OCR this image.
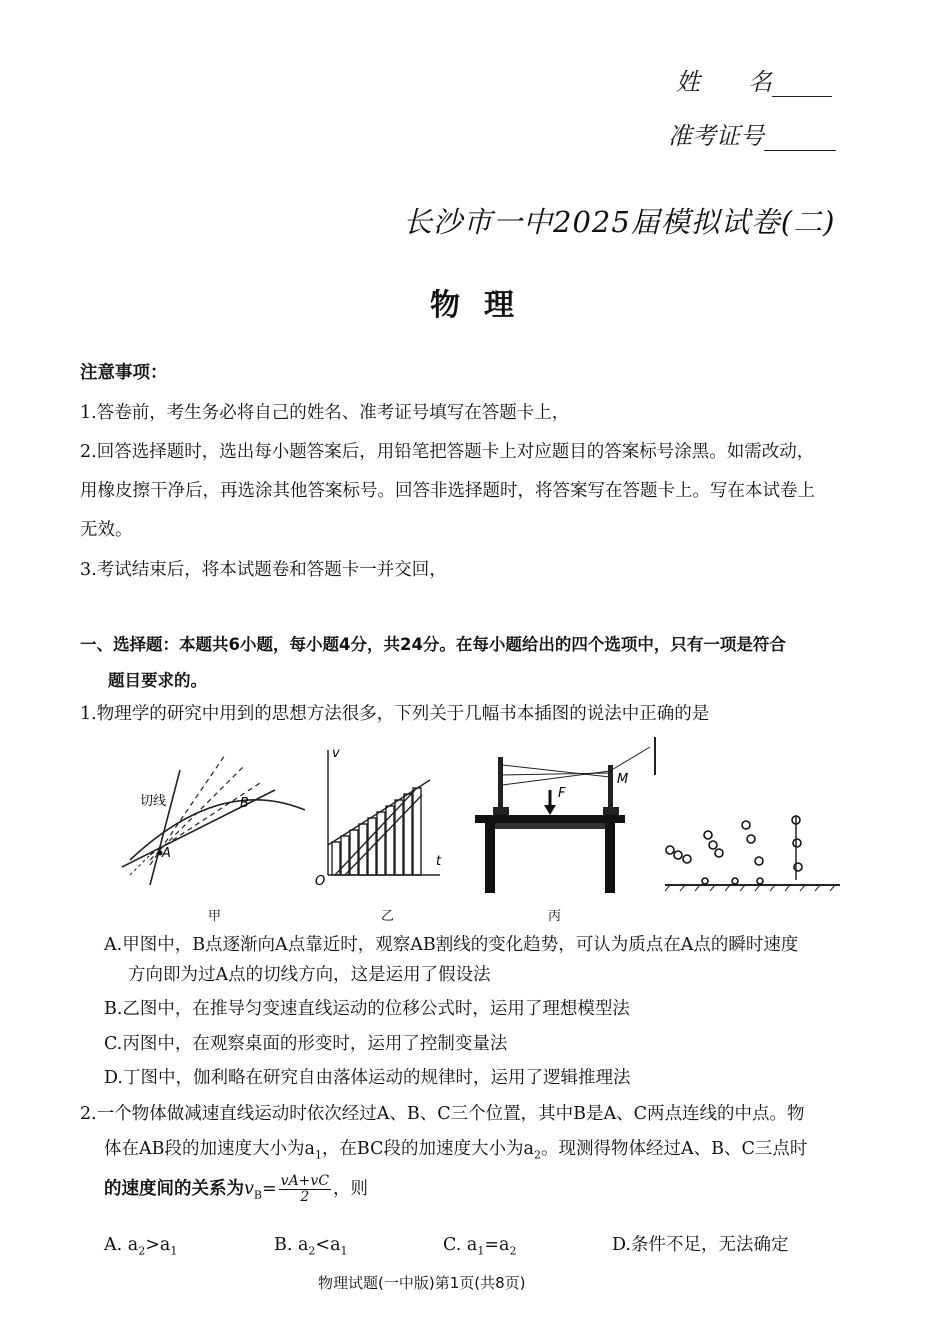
姓　　名
准考证号
长沙市一中2025届模拟试卷(二)
物理
注意事项：
1.答卷前，考生务必将自己的姓名、准考证号填写在答题卡上，
2.回答选择题时，选出每小题答案后，用铅笔把答题卡上对应题目的答案标号涂黑。如需改动，
用橡皮擦干净后，再选涂其他答案标号。回答非选择题时，将答案写在答题卡上。写在本试卷上
无效。
3.考试结束后，将本试题卷和答题卡一并交回，
一、选择题：本题共6小题，每小题4分，共24分。在每小题给出的四个选项中，只有一项是符合
题目要求的。
1.物理学的研究中用到的思想方法很多，下列关于几幅书本插图的说法中正确的是
A
B
切线
v
t
O
F
M
甲	乙	丙
A.甲图中，B点逐渐向A点靠近时，观察AB割线的变化趋势，可认为质点在A点的瞬时速度
方向即为过A点的切线方向，这是运用了假设法
B.乙图中，在推导匀变速直线运动的位移公式时，运用了理想模型法
C.丙图中，在观察桌面的形变时，运用了控制变量法
D.丁图中，伽利略在研究自由落体运动的规律时，运用了逻辑推理法
2.一个物体做减速直线运动时依次经过A、B、C三个位置，其中B是A、C两点连线的中点。物
体在AB段的加速度大小为$a_1$，在BC段的加速度大小为$a_2$。现测得物体经过A、B、C三点时
的速度间的关系为$v_B= \frac{vA+vC}{2}$ ，则
A. $a_2>a_1$	B. $a_2<a_1$	C. $a_1=a_2$	D.条件不足，无法确定
物理试题(一中版)第1页(共8页)
